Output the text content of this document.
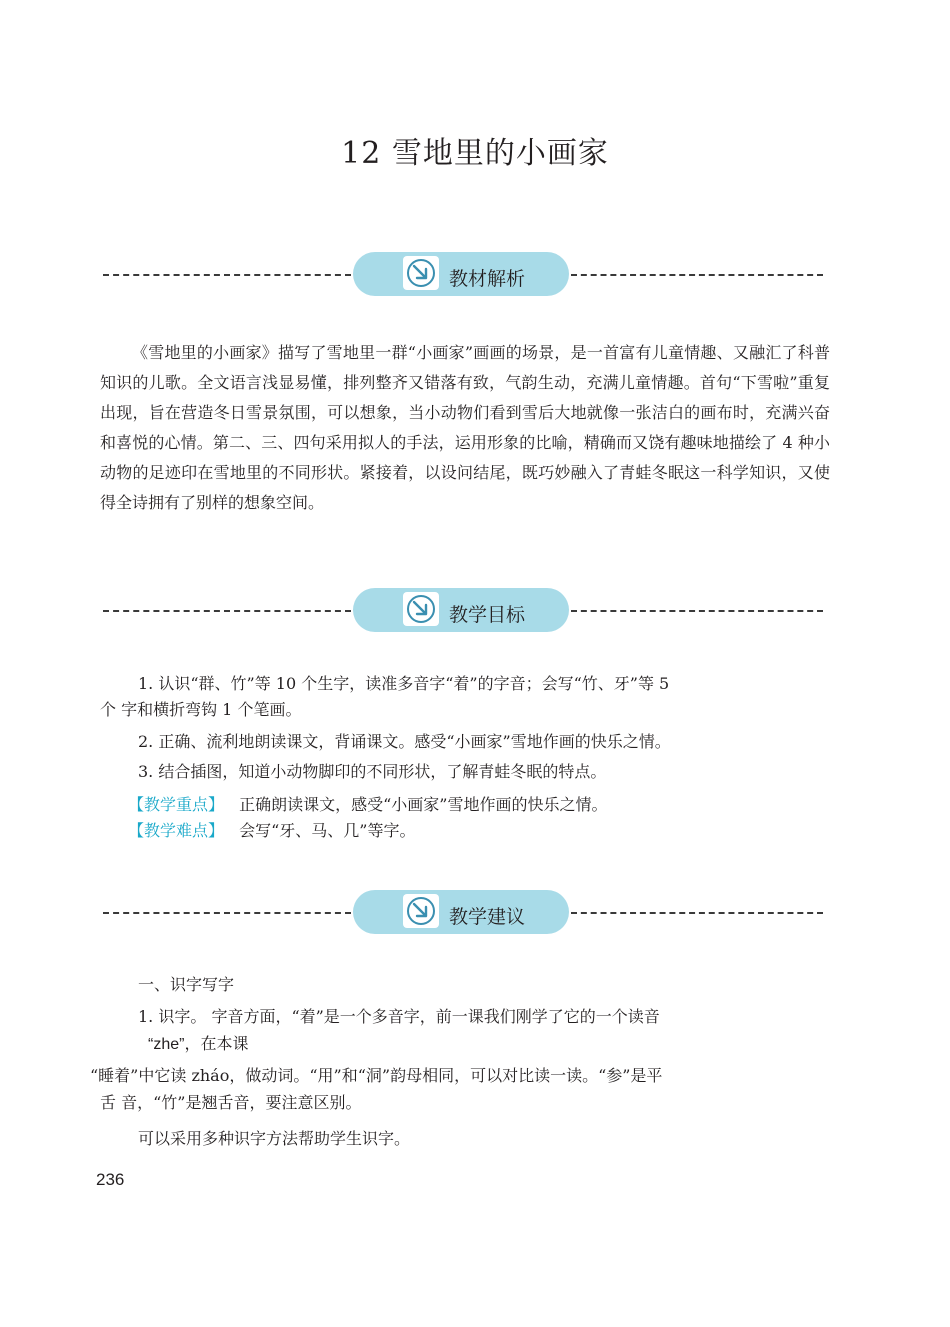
12 雪地里的小画家
教材解析
《雪地里的小画家》描写了雪地里一群“小画家”画画的场景，是一首富有儿童情趣、又融汇了科普知识的儿歌。全文语言浅显易懂，排列整齐又错落有致，气韵生动，充满儿童情趣。首句“下雪啦”重复出现，旨在营造冬日雪景氛围，可以想象，当小动物们看到雪后大地就像一张洁白的画布时，充满兴奋和喜悦的心情。第二、三、四句采用拟人的手法，运用形象的比喻，精确而又饶有趣味地描绘了 4 种小动物的足迹印在雪地里的不同形状。紧接着，以设问结尾，既巧妙融入了青蛙冬眠这一科学知识，又使得全诗拥有了别样的想象空间。
教学目标
1. 认识“群、竹”等 10 个生字，读准多音字“着”的字音；会写“竹、牙”等 5
个 字和横折弯钩 1 个笔画。
2. 正确、流利地朗读课文，背诵课文。感受“小画家”雪地作画的快乐之情。
3. 结合插图，知道小动物脚印的不同形状，了解青蛙冬眠的特点。
【教学重点】 正确朗读课文，感受“小画家”雪地作画的快乐之情。
【教学难点】 会写“牙、马、几”等字。
教学建议
一、识字写字
1. 识字。 字音方面，“着”是一个多音字，前一课我们刚学了它的一个读音
“zhe”，在本课
“睡着”中它读 zháo，做动词。“用”和“洞”韵母相同，可以对比读一读。“参”是平
舌 音，“竹”是翘舌音，要注意区别。
可以采用多种识字方法帮助学生识字。
236
